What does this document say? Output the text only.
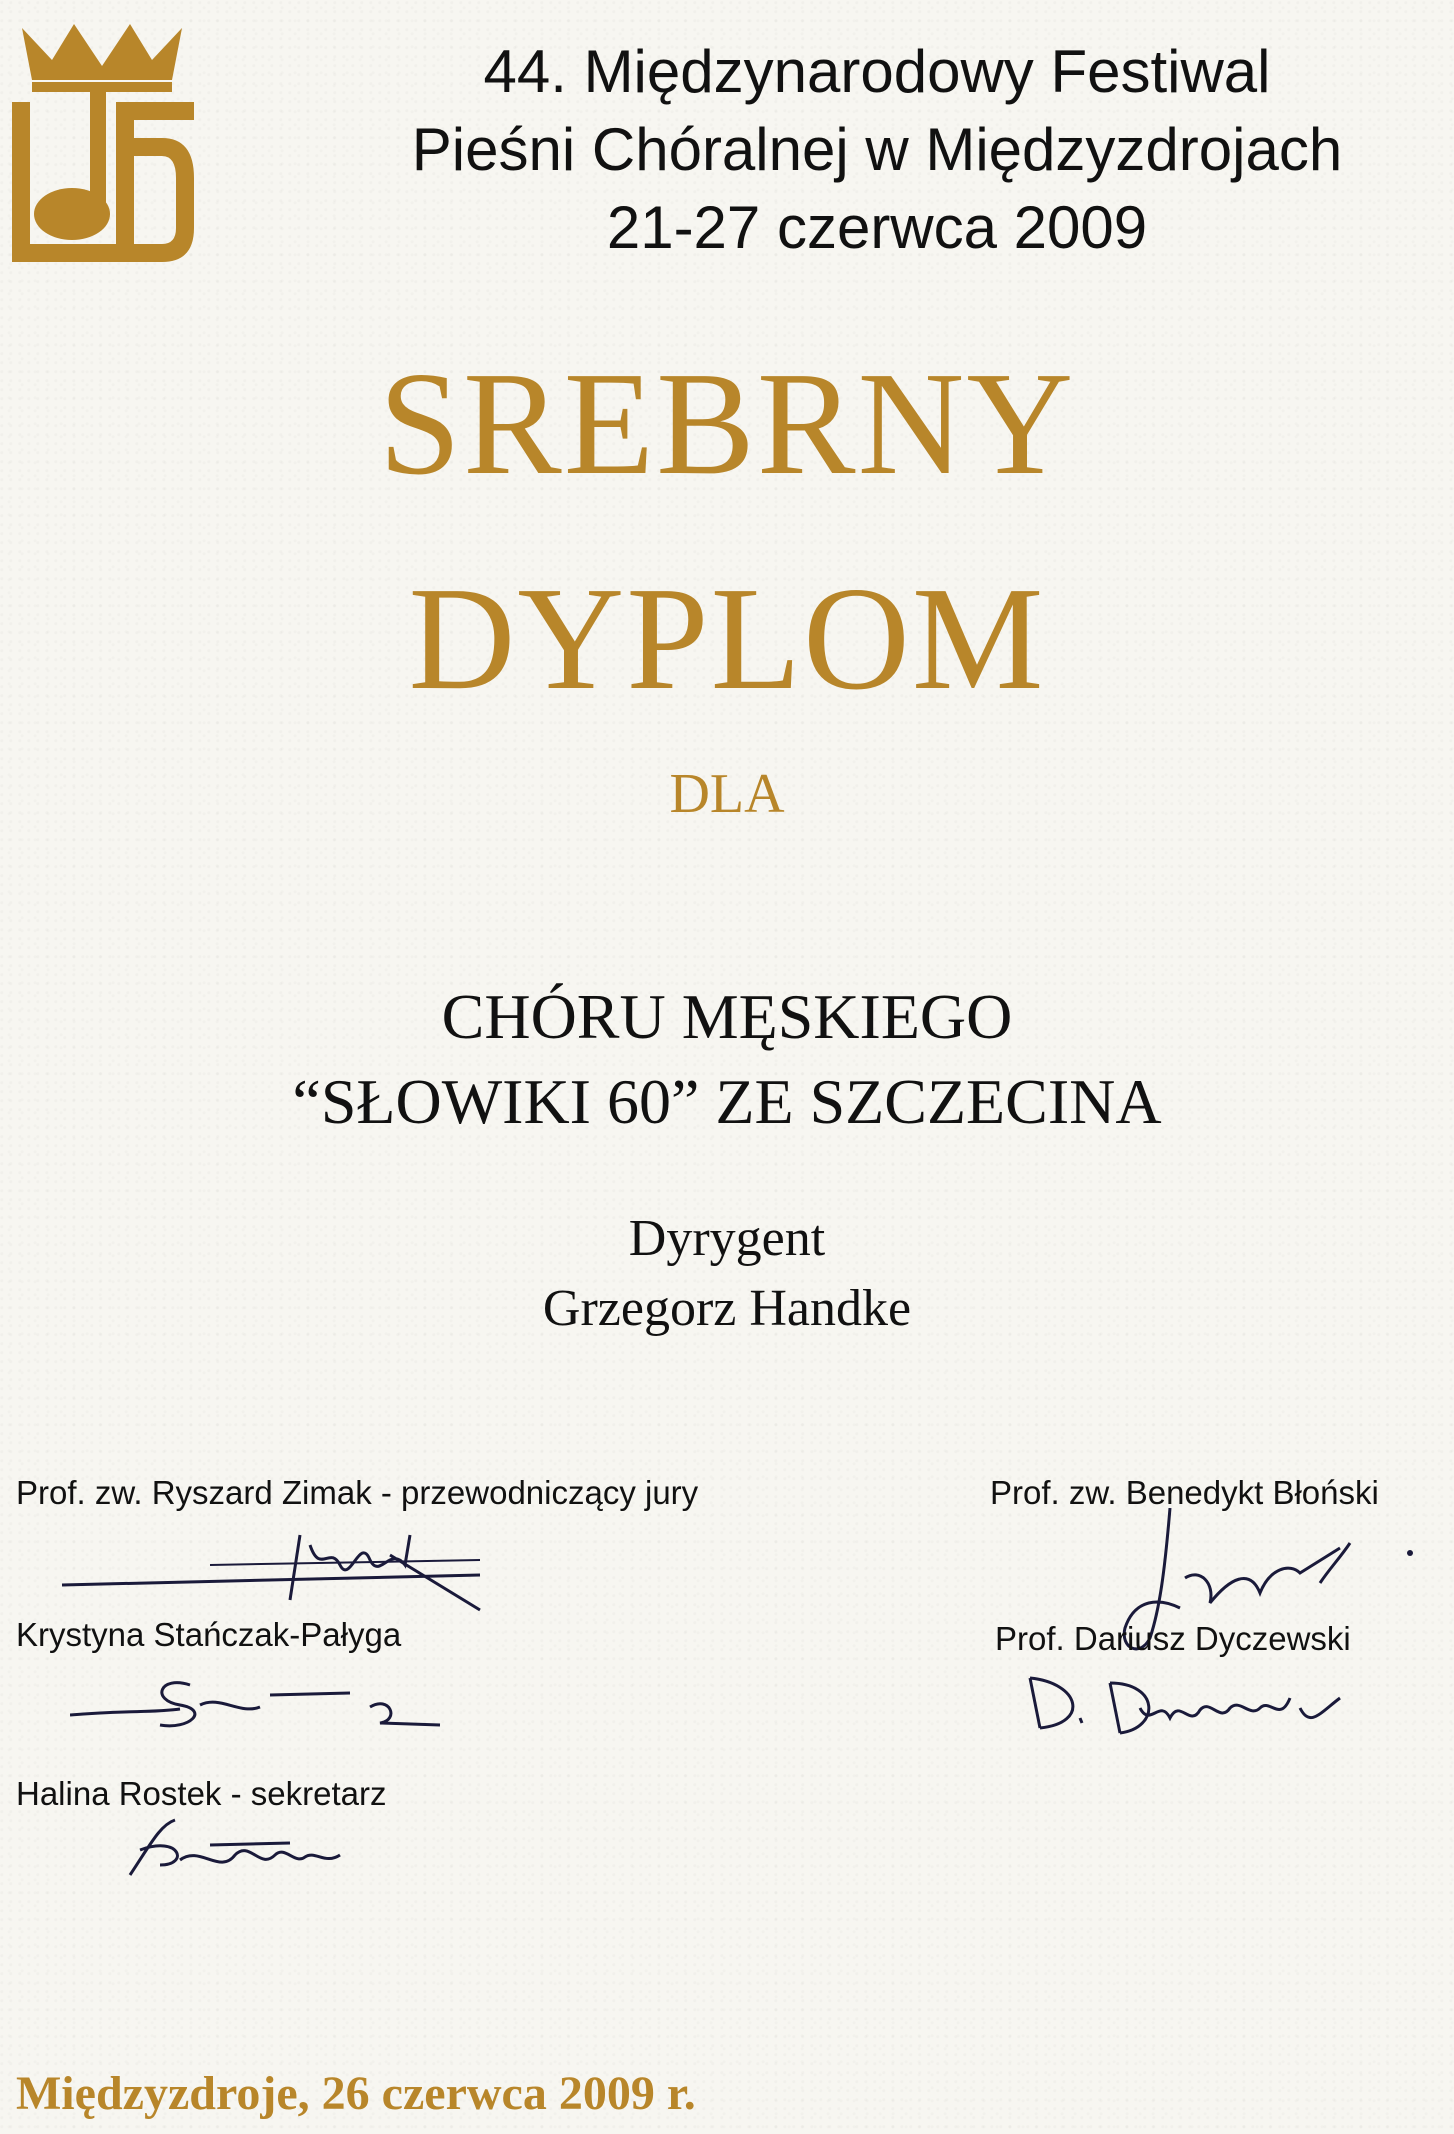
44. Międzynarodowy Festiwal
Pieśni Chóralnej w Międzyzdrojach
21-27 czerwca 2009
SREBRNY
DYPLOM
DLA
CHÓRU MĘSKIEGO
“SŁOWIKI 60” ZE SZCZECINA
Dyrygent
Grzegorz Handke
Prof. zw. Ryszard Zimak - przewodniczący jury
Krystyna Stańczak-Pałyga
Halina Rostek - sekretarz
Prof. zw. Benedykt Błoński
Prof. Dariusz Dyczewski
Międzyzdroje, 26 czerwca 2009 r.
